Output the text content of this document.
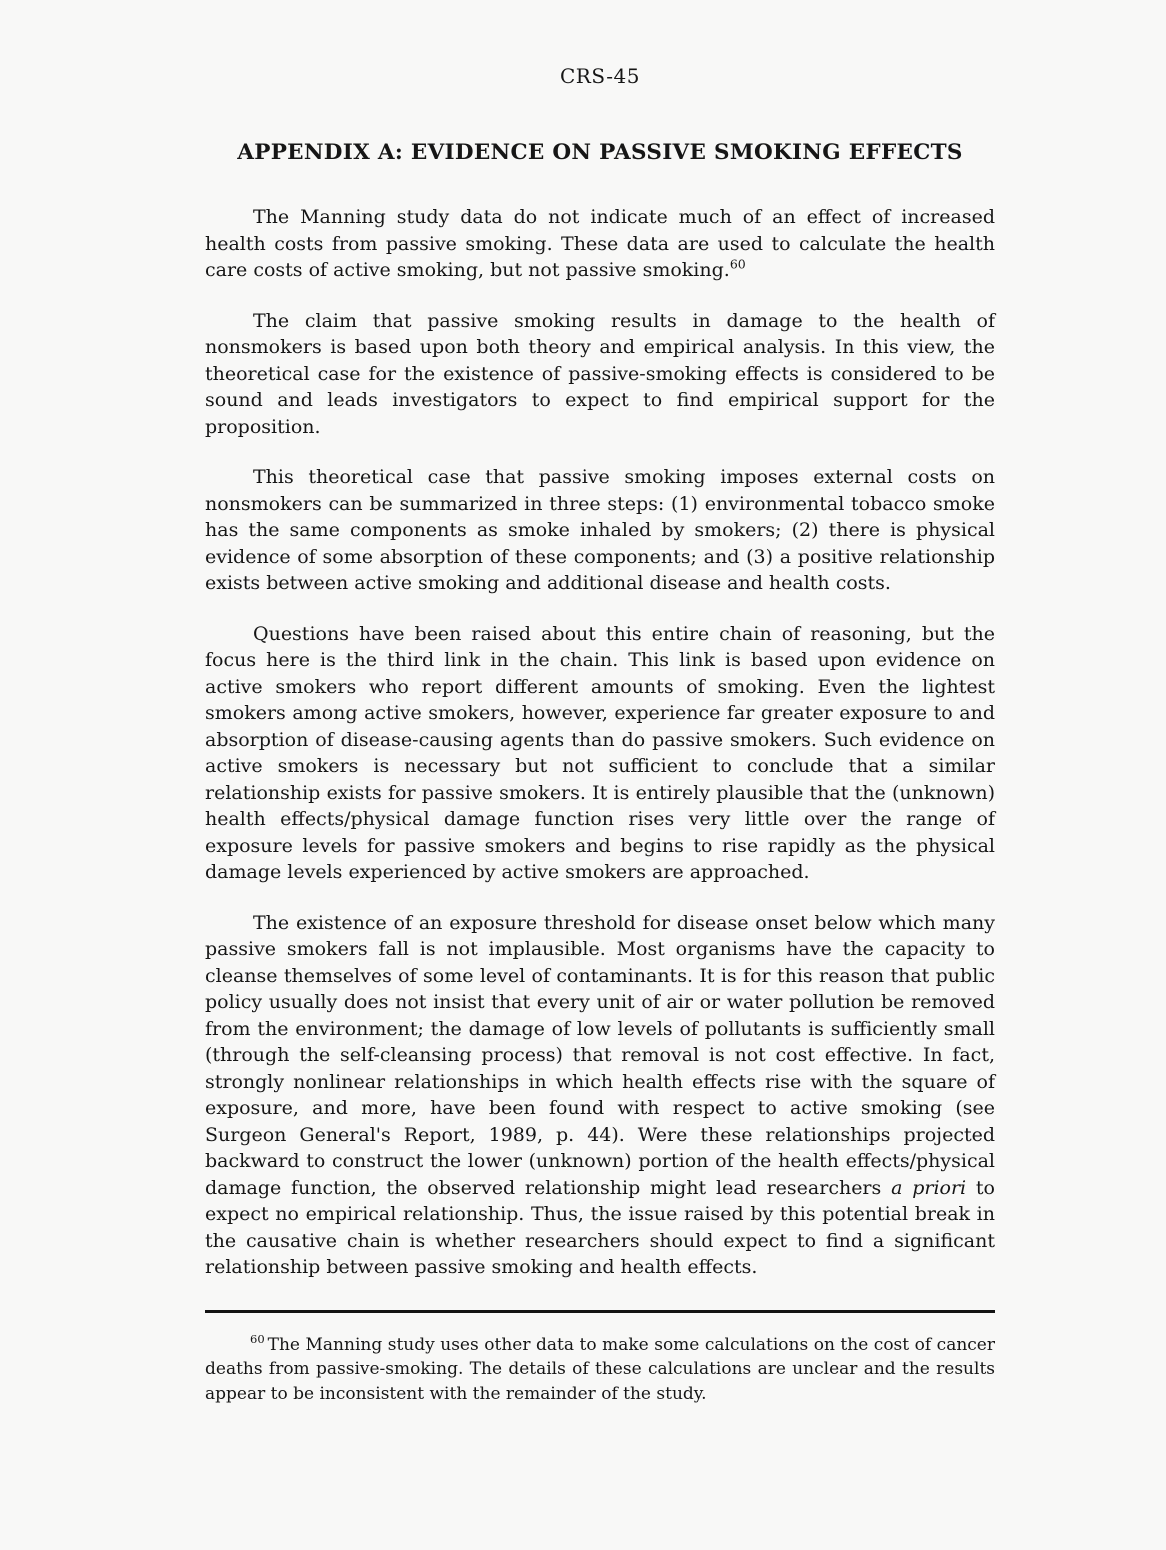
CRS-45
APPENDIX A: EVIDENCE ON PASSIVE SMOKING EFFECTS

The Manning study data do not indicate much of an effect of increased health costs from passive smoking. These data are used to calculate the health care costs of active smoking, but not passive smoking.$^{60}$

The claim that passive smoking results in damage to the health of nonsmokers is based upon both theory and empirical analysis. In this view, the theoretical case for the existence of passive-smoking effects is considered to be sound and leads investigators to expect to find empirical support for the proposition.

This theoretical case that passive smoking imposes external costs on nonsmokers can be summarized in three steps: (1) environmental tobacco smoke has the same components as smoke inhaled by smokers; (2) there is physical evidence of some absorption of these components; and (3) a positive relationship exists between active smoking and additional disease and health costs.

Questions have been raised about this entire chain of reasoning, but the focus here is the third link in the chain. This link is based upon evidence on active smokers who report different amounts of smoking. Even the lightest smokers among active smokers, however, experience far greater exposure to and absorption of disease-causing agents than do passive smokers. Such evidence on active smokers is necessary but not sufficient to conclude that a similar relationship exists for passive smokers. It is entirely plausible that the (unknown) health effects/physical damage function rises very little over the range of exposure levels for passive smokers and begins to rise rapidly as the physical damage levels experienced by active smokers are approached.

The existence of an exposure threshold for disease onset below which many passive smokers fall is not implausible. Most organisms have the capacity to cleanse themselves of some level of contaminants. It is for this reason that public policy usually does not insist that every unit of air or water pollution be removed from the environment; the damage of low levels of pollutants is sufficiently small (through the self-cleansing process) that removal is not cost effective. In fact, strongly nonlinear relationships in which health effects rise with the square of exposure, and more, have been found with respect to active smoking (see Surgeon General's Report, 1989, p. 44). Were these relationships projected backward to construct the lower (unknown) portion of the health effects/physical damage function, the observed relationship might lead researchers a priori to expect no empirical relationship. Thus, the issue raised by this potential break in the causative chain is whether researchers should expect to find a significant relationship between passive smoking and health effects.

$^{60}$ The Manning study uses other data to make some calculations on the cost of cancer deaths from passive-smoking. The details of these calculations are unclear and the results appear to be inconsistent with the remainder of the study.
